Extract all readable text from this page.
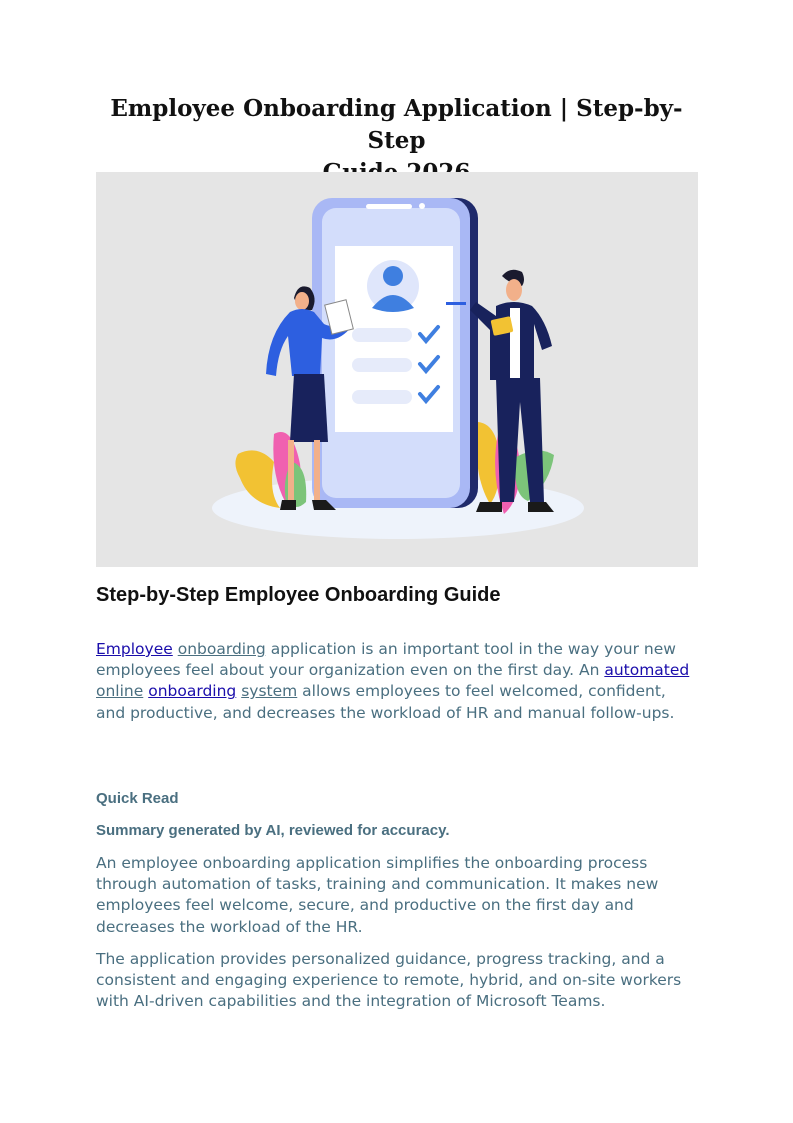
Employee Onboarding Application | Step-by-Step

Step-by-Step Employee Onboarding Guide

Employee onboarding application is an important tool in the way your new employees feel about your organization even on the first day. An automated online onboarding system allows employees to feel welcomed, confident, and productive, and decreases the workload of HR and manual follow-ups.

Quick Read

Summary generated by AI, reviewed for accuracy.

An employee onboarding application simplifies the onboarding process through automation of tasks, training and communication. It makes new employees feel welcome, secure, and productive on the first day and decreases the workload of the HR.

The application provides personalized guidance, progress tracking, and a consistent and engaging experience to remote, hybrid, and on-site workers with AI-driven capabilities and the integration of Microsoft Teams.
